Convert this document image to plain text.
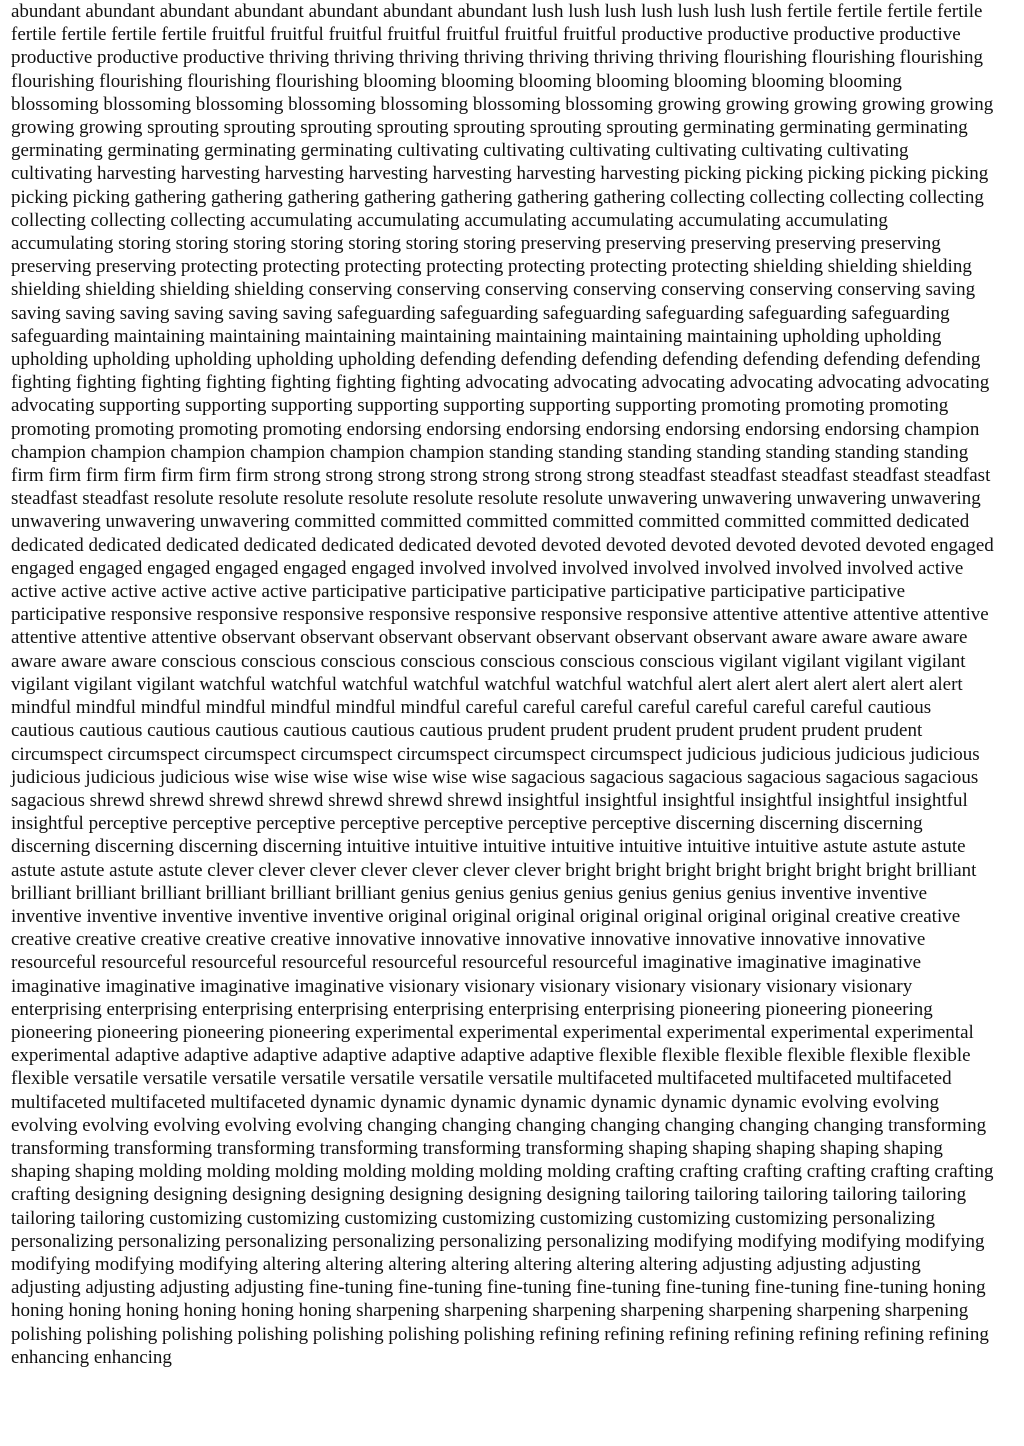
abundant abundant abundant abundant abundant abundant abundant lush lush lush lush lush lush lush fertile fertile fertile fertile fertile fertile fertile fertile fruitful fruitful fruitful fruitful fruitful fruitful fruitful productive productive productive productive productive productive productive thriving thriving thriving thriving thriving thriving thriving flourishing flourishing flourishing flourishing flourishing flourishing flourishing blooming blooming blooming blooming blooming blooming blooming blossoming blossoming blossoming blossoming blossoming blossoming blossoming growing growing growing growing growing growing growing sprouting sprouting sprouting sprouting sprouting sprouting sprouting germinating germinating germinating germinating germinating germinating germinating cultivating cultivating cultivating cultivating cultivating cultivating cultivating harvesting harvesting harvesting harvesting harvesting harvesting harvesting picking picking picking picking picking picking picking gathering gathering gathering gathering gathering gathering gathering collecting collecting collecting collecting collecting collecting collecting accumulating accumulating accumulating accumulating accumulating accumulating accumulating storing storing storing storing storing storing storing preserving preserving preserving preserving preserving preserving preserving protecting protecting protecting protecting protecting protecting protecting shielding shielding shielding shielding shielding shielding shielding conserving conserving conserving conserving conserving conserving conserving saving saving saving saving saving saving saving safeguarding safeguarding safeguarding safeguarding safeguarding safeguarding safeguarding maintaining maintaining maintaining maintaining maintaining maintaining maintaining upholding upholding upholding upholding upholding upholding upholding defending defending defending defending defending defending defending fighting fighting fighting fighting fighting fighting fighting advocating advocating advocating advocating advocating advocating advocating supporting supporting supporting supporting supporting supporting supporting promoting promoting promoting promoting promoting promoting promoting endorsing endorsing endorsing endorsing endorsing endorsing endorsing champion champion champion champion champion champion champion standing standing standing standing standing standing standing firm firm firm firm firm firm firm strong strong strong strong strong strong strong steadfast steadfast steadfast steadfast steadfast steadfast steadfast resolute resolute resolute resolute resolute resolute resolute unwavering unwavering unwavering unwavering unwavering unwavering unwavering committed committed committed committed committed committed committed dedicated dedicated dedicated dedicated dedicated dedicated dedicated devoted devoted devoted devoted devoted devoted devoted engaged engaged engaged engaged engaged engaged engaged involved involved involved involved involved involved involved active active active active active active active participative participative participative participative participative participative participative responsive responsive responsive responsive responsive responsive responsive attentive attentive attentive attentive attentive attentive attentive observant observant observant observant observant observant observant aware aware aware aware aware aware aware conscious conscious conscious conscious conscious conscious conscious vigilant vigilant vigilant vigilant vigilant vigilant vigilant watchful watchful watchful watchful watchful watchful watchful alert alert alert alert alert alert alert mindful mindful mindful mindful mindful mindful mindful careful careful careful careful careful careful careful cautious cautious cautious cautious cautious cautious cautious cautious prudent prudent prudent prudent prudent prudent prudent circumspect circumspect circumspect circumspect circumspect circumspect circumspect judicious judicious judicious judicious judicious judicious judicious wise wise wise wise wise wise wise sagacious sagacious sagacious sagacious sagacious sagacious sagacious shrewd shrewd shrewd shrewd shrewd shrewd shrewd insightful insightful insightful insightful insightful insightful insightful perceptive perceptive perceptive perceptive perceptive perceptive perceptive discerning discerning discerning discerning discerning discerning discerning intuitive intuitive intuitive intuitive intuitive intuitive intuitive astute astute astute astute astute astute astute clever clever clever clever clever clever clever bright bright bright bright bright bright bright brilliant brilliant brilliant brilliant brilliant brilliant brilliant genius genius genius genius genius genius genius inventive inventive inventive inventive inventive inventive inventive original original original original original original original creative creative creative creative creative creative creative innovative innovative innovative innovative innovative innovative innovative resourceful resourceful resourceful resourceful resourceful resourceful resourceful imaginative imaginative imaginative imaginative imaginative imaginative imaginative visionary visionary visionary visionary visionary visionary visionary enterprising enterprising enterprising enterprising enterprising enterprising enterprising pioneering pioneering pioneering pioneering pioneering pioneering pioneering experimental experimental experimental experimental experimental experimental experimental adaptive adaptive adaptive adaptive adaptive adaptive adaptive flexible flexible flexible flexible flexible flexible flexible versatile versatile versatile versatile versatile versatile versatile multifaceted multifaceted multifaceted multifaceted multifaceted multifaceted multifaceted dynamic dynamic dynamic dynamic dynamic dynamic dynamic evolving evolving evolving evolving evolving evolving evolving changing changing changing changing changing changing changing transforming transforming transforming transforming transforming transforming transforming shaping shaping shaping shaping shaping shaping shaping molding molding molding molding molding molding molding crafting crafting crafting crafting crafting crafting crafting designing designing designing designing designing designing designing tailoring tailoring tailoring tailoring tailoring tailoring tailoring customizing customizing customizing customizing customizing customizing customizing personalizing personalizing personalizing personalizing personalizing personalizing personalizing modifying modifying modifying modifying modifying modifying modifying altering altering altering altering altering altering altering adjusting adjusting adjusting adjusting adjusting adjusting adjusting fine-tuning fine-tuning fine-tuning fine-tuning fine-tuning fine-tuning fine-tuning honing honing honing honing honing honing honing sharpening sharpening sharpening sharpening sharpening sharpening sharpening polishing polishing polishing polishing polishing polishing polishing refining refining refining refining refining refining refining enhancing enhancing
